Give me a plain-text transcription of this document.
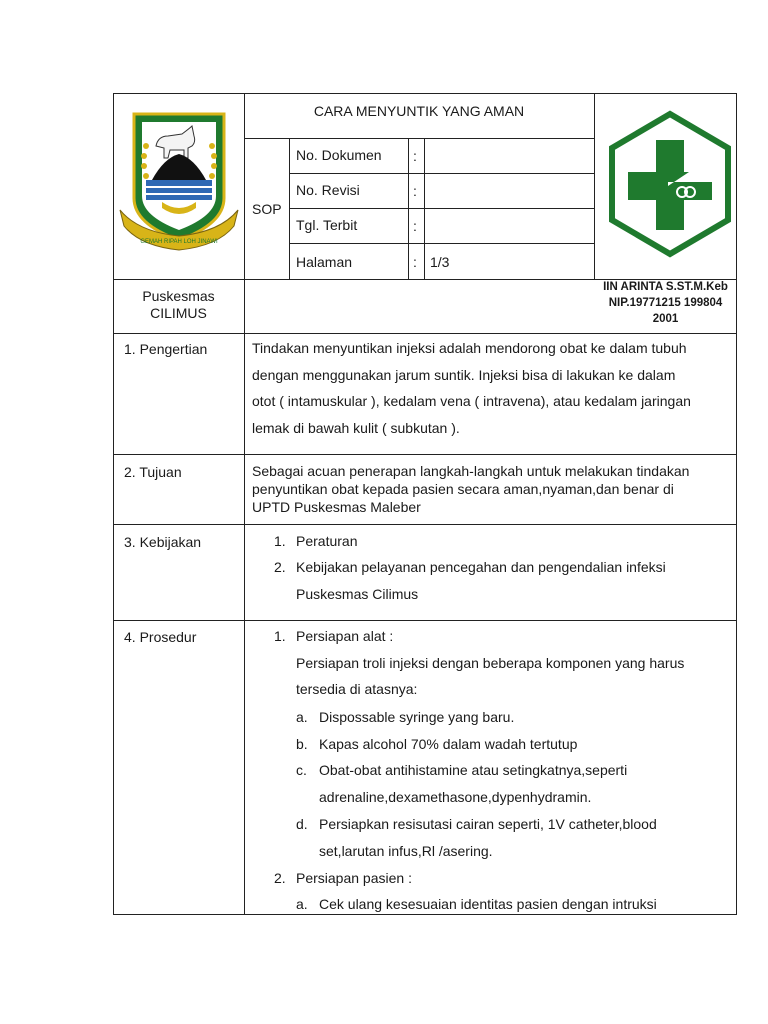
GEMAH RIPAH LOH JINAWI
CARA MENYUNTIK YANG AMAN
SOP
No. Dokumen :
No. Revisi	:
Tgl. Terbit	:
Halaman	: 1/3
Puskesmas
CILIMUS
IIN ARINTA S.ST.M.Keb
NIP.19771215 199804
2001
1. Pengertian	Tindakan menyuntikan injeksi adalah mendorong obat ke dalam tubuh
dengan menggunakan jarum suntik. Injeksi bisa di lakukan ke dalam
otot ( intamuskular ), kedalam vena ( intravena), atau kedalam jaringan
lemak di bawah kulit ( subkutan ).
2. Tujuan	Sebagai acuan penerapan langkah-langkah untuk melakukan tindakan
penyuntikan obat kepada pasien secara aman,nyaman,dan benar di
UPTD Puskesmas Maleber
3. Kebijakan	1. Peraturan
2. Kebijakan pelayanan pencegahan dan pengendalian infeksi
Puskesmas Cilimus
4. Prosedur	1. Persiapan alat :
Persiapan troli injeksi dengan beberapa komponen yang harus
tersedia di atasnya:
a. Dispossable syringe yang baru.
b. Kapas alcohol 70% dalam wadah tertutup
c. Obat-obat antihistamine atau setingkatnya,seperti
adrenaline,dexamethasone,dypenhydramin.
d. Persiapkan resisutasi cairan seperti, 1V catheter,blood
set,larutan infus,Rl /asering.
2. Persiapan pasien :
a. Cek ulang kesesuaian identitas pasien dengan intruksi
